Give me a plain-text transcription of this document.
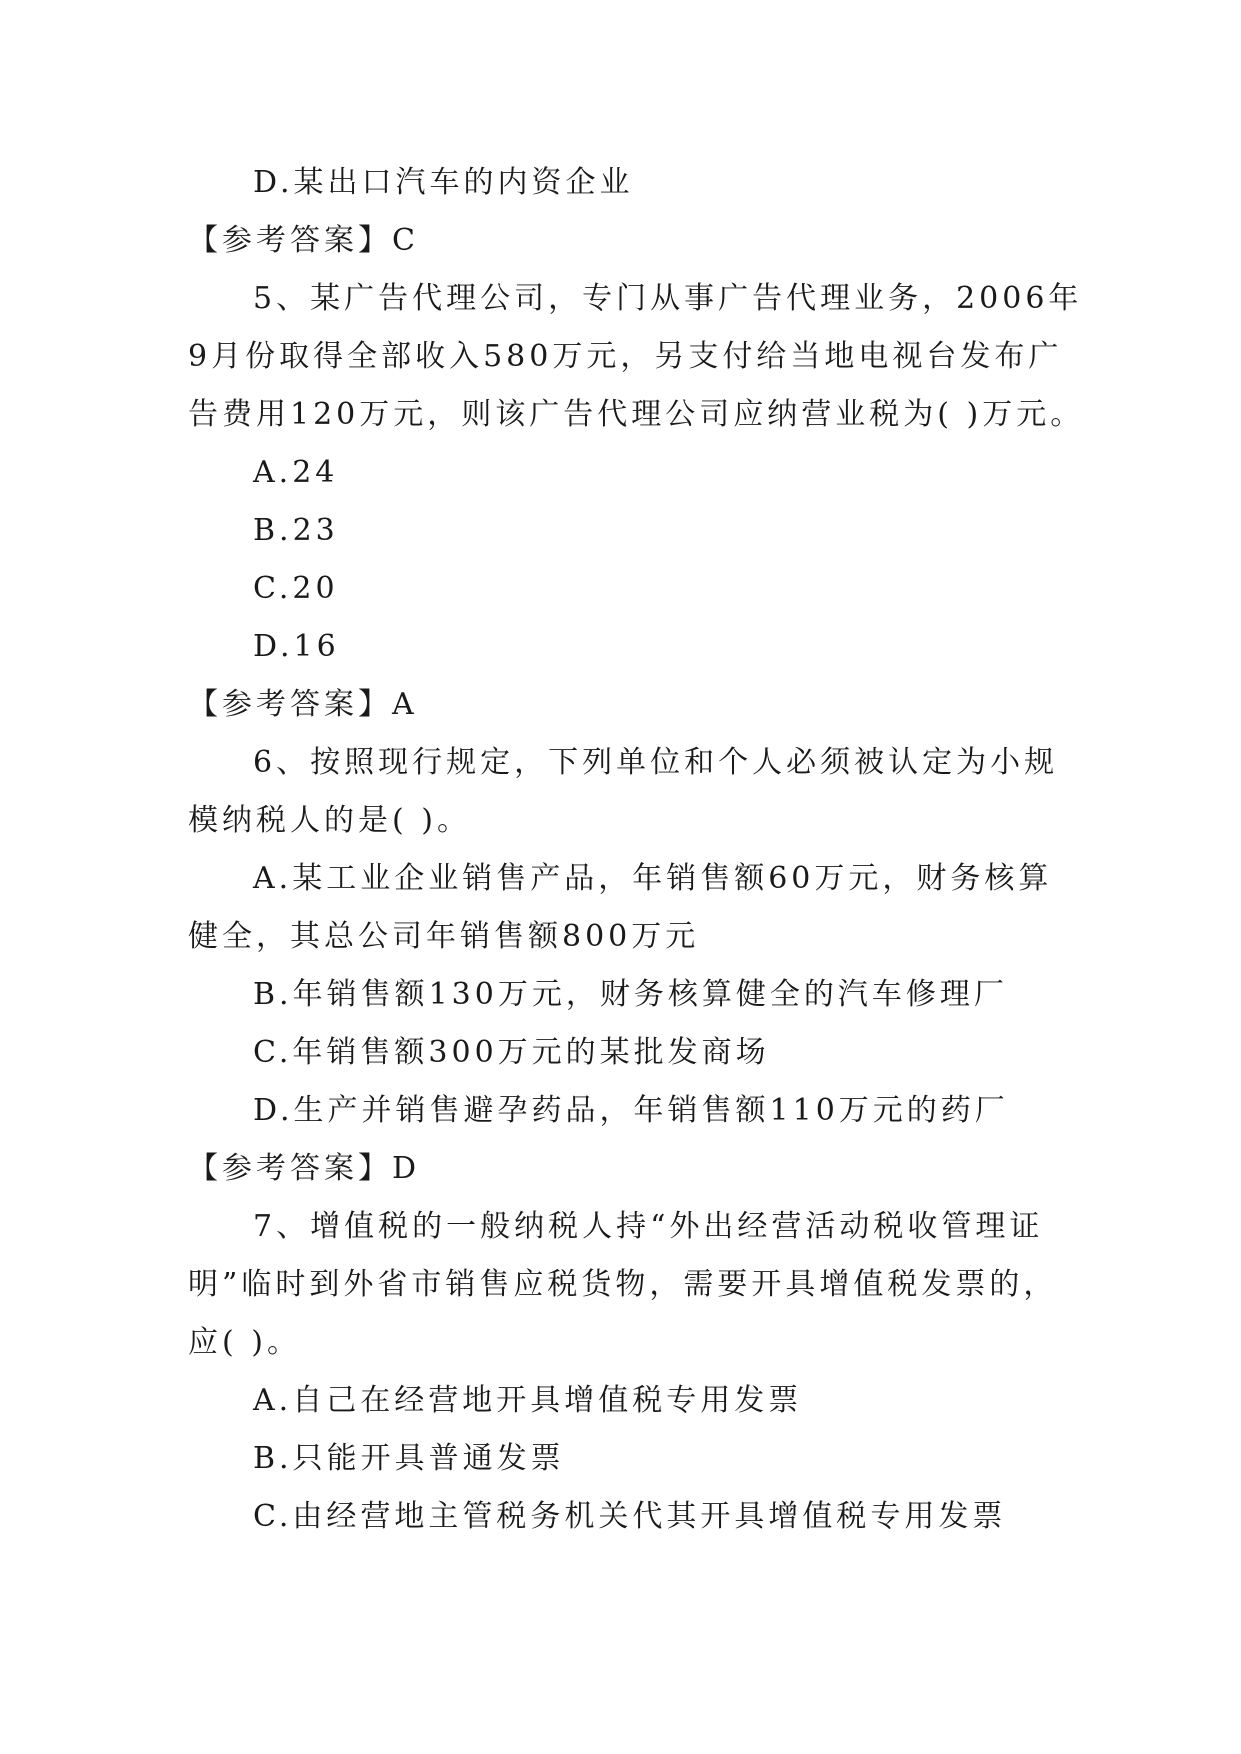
D.某出口汽车的内资企业
【参考答案】C
5、某广告代理公司，专门从事广告代理业务，2006年
9月份取得全部收入580万元，另支付给当地电视台发布广
告费用120万元，则该广告代理公司应纳营业税为( )万元。
A.24
B.23
C.20
D.16
【参考答案】A
6、按照现行规定，下列单位和个人必须被认定为小规
模纳税人的是( )。
A.某工业企业销售产品，年销售额60万元，财务核算
健全，其总公司年销售额800万元
B.年销售额130万元，财务核算健全的汽车修理厂
C.年销售额300万元的某批发商场
D.生产并销售避孕药品，年销售额110万元的药厂
【参考答案】D
7、增值税的一般纳税人持“外出经营活动税收管理证
明”临时到外省市销售应税货物，需要开具增值税发票的，
应( )。
A.自己在经营地开具增值税专用发票
B.只能开具普通发票
C.由经营地主管税务机关代其开具增值税专用发票
